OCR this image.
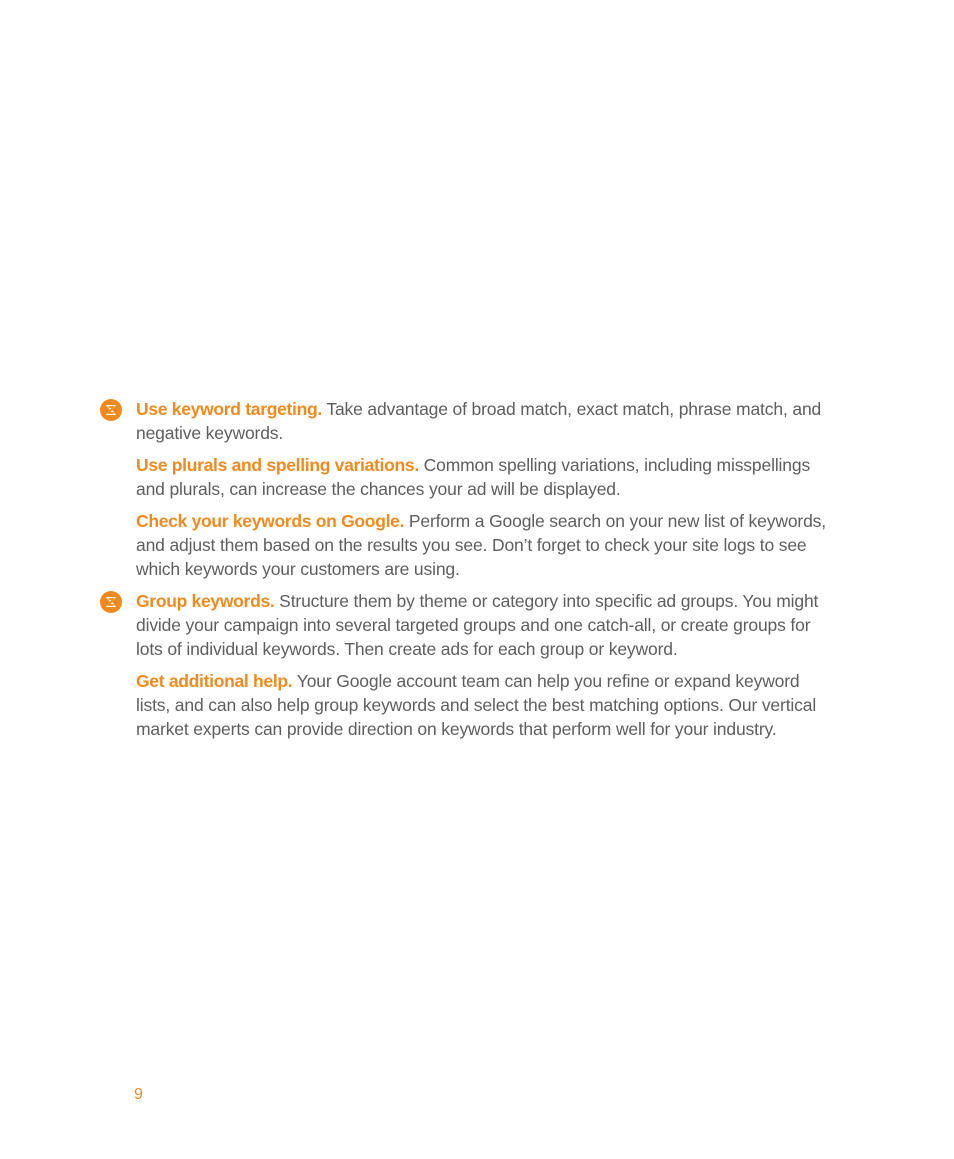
Use keyword targeting. Take advantage of broad match, exact match, phrase match, and negative keywords.

Use plurals and spelling variations. Common spelling variations, including misspellings and plurals, can increase the chances your ad will be displayed.

Check your keywords on Google. Perform a Google search on your new list of keywords, and adjust them based on the results you see. Don’t forget to check your site logs to see which keywords your customers are using.

Group keywords. Structure them by theme or category into specific ad groups. You might divide your campaign into several targeted groups and one catch-all, or create groups for lots of individual keywords. Then create ads for each group or keyword.

Get additional help. Your Google account team can help you refine or expand keyword lists, and can also help group keywords and select the best matching options. Our vertical market experts can provide direction on keywords that perform well for your industry.

9
